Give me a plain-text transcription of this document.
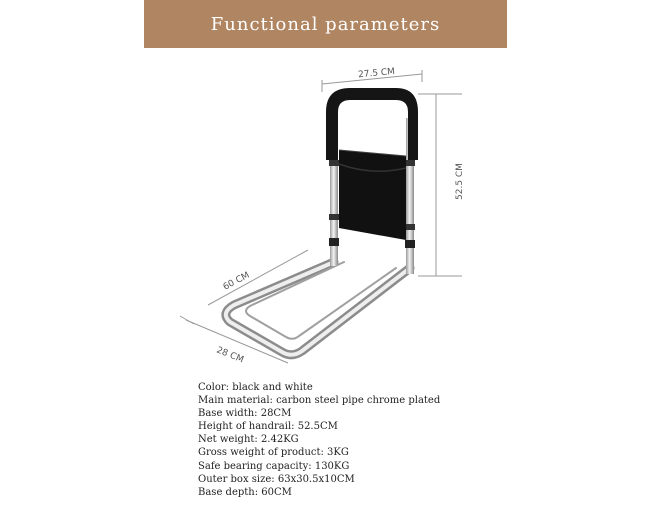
Functional parameters
27.5 CM
52.5 CM
60 CM
28 CM
Color: black and white
Main material: carbon steel pipe chrome plated
Base width: 28CM
Height of handrail: 52.5CM
Net weight: 2.42KG
Gross weight of product: 3KG
Safe bearing capacity: 130KG
Outer box size: 63x30.5x10CM
Base depth: 60CM
